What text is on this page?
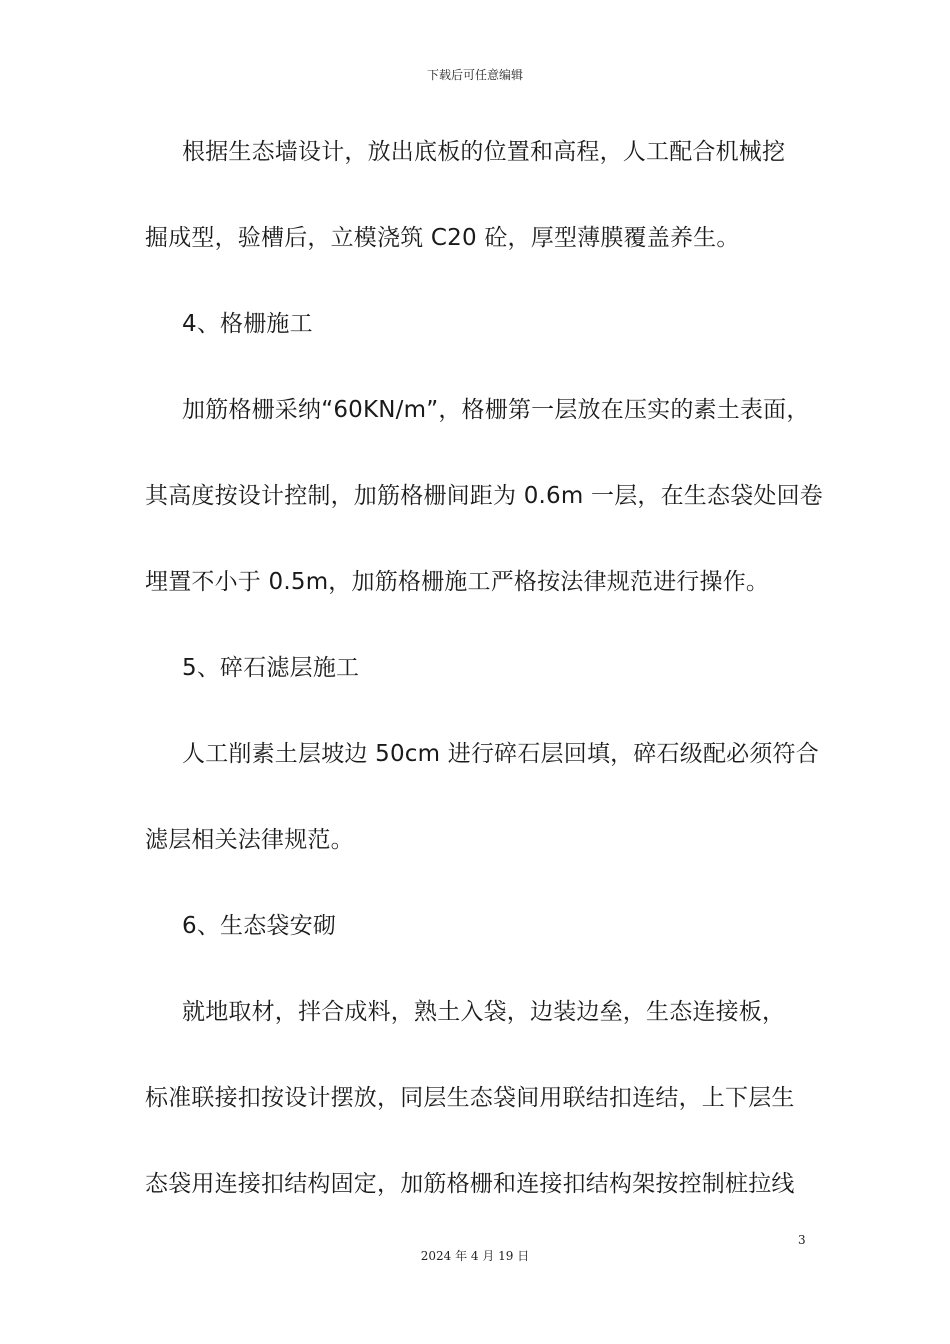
下载后可任意编辑
根据生态墙设计，放出底板的位置和高程，人工配合机械挖
掘成型，验槽后，立模浇筑 C20 砼，厚型薄膜覆盖养生。
4、格栅施工
加筋格栅采纳“60KN/m”，格栅第一层放在压实的素土表面，
其高度按设计控制，加筋格栅间距为 0.6m 一层，在生态袋处回卷
埋置不小于 0.5m，加筋格栅施工严格按法律规范进行操作。
5、碎石滤层施工
人工削素土层坡边 50cm 进行碎石层回填，碎石级配必须符合
滤层相关法律规范。
6、生态袋安砌
就地取材，拌合成料，熟土入袋，边装边垒，生态连接板，
标准联接扣按设计摆放，同层生态袋间用联结扣连结，上下层生
态袋用连接扣结构固定，加筋格栅和连接扣结构架按控制桩拉线
3
2024 年 4 月 19 日
